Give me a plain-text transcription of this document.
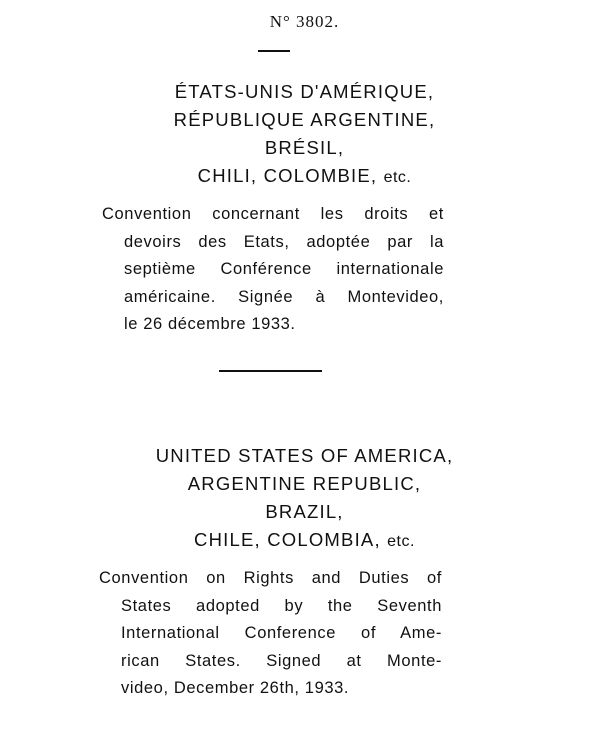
N° 3802.
ÉTATS-UNIS D'AMÉRIQUE,
RÉPUBLIQUE ARGENTINE,
BRÉSIL,
CHILI, COLOMBIE, etc.
Convention concernant les droits et
devoirs des Etats, adoptée par la
septième Conférence internationale
américaine. Signée à Montevideo,
le 26 décembre 1933.
UNITED STATES OF AMERICA,
ARGENTINE REPUBLIC,
BRAZIL,
CHILE, COLOMBIA, etc.
Convention on Rights and Duties of
States adopted by the Seventh
International Conference of Ame-
rican States. Signed at Monte-
video, December 26th, 1933.
